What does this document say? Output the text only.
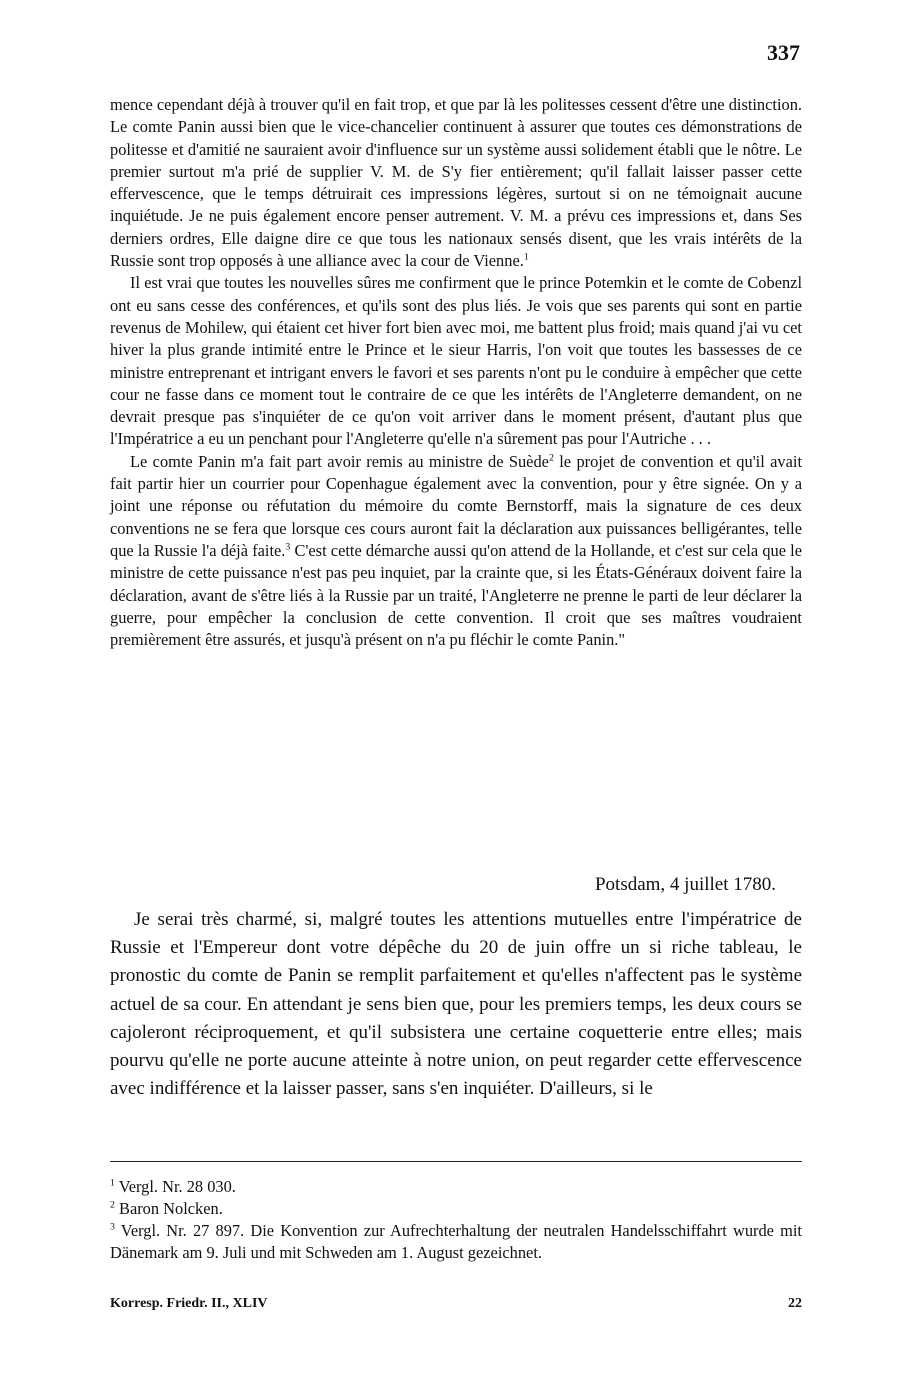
337

mence cependant déjà à trouver qu'il en fait trop, et que par là les politesses cessent d'être une distinction. Le comte Panin aussi bien que le vice-chancelier continuent à assurer que toutes ces démonstrations de politesse et d'amitié ne sauraient avoir d'influence sur un système aussi solidement établi que le nôtre. Le premier surtout m'a prié de supplier V. M. de S'y fier entièrement; qu'il fallait laisser passer cette effervescence, que le temps détruirait ces impressions légères, surtout si on ne témoignait aucune inquiétude. Je ne puis également encore penser autrement. V. M. a prévu ces impressions et, dans Ses derniers ordres, Elle daigne dire ce que tous les nationaux sensés disent, que les vrais intérêts de la Russie sont trop opposés à une alliance avec la cour de Vienne.$^1$

Il est vrai que toutes les nouvelles sûres me confirment que le prince Potemkin et le comte de Cobenzl ont eu sans cesse des conférences, et qu'ils sont des plus liés. Je vois que ses parents qui sont en partie revenus de Mohilew, qui étaient cet hiver fort bien avec moi, me battent plus froid; mais quand j'ai vu cet hiver la plus grande intimité entre le Prince et le sieur Harris, l'on voit que toutes les bassesses de ce ministre entreprenant et intrigant envers le favori et ses parents n'ont pu le conduire à empêcher que cette cour ne fasse dans ce moment tout le contraire de ce que les intérêts de l'Angleterre demandent, on ne devrait presque pas s'inquiéter de ce qu'on voit arriver dans le moment présent, d'autant plus que l'Impératrice a eu un penchant pour l'Angleterre qu'elle n'a sûrement pas pour l'Autriche . . .

Le comte Panin m'a fait part avoir remis au ministre de Suède$^2$ le projet de convention et qu'il avait fait partir hier un courrier pour Copenhague également avec la convention, pour y être signée. On y a joint une réponse ou réfutation du mémoire du comte Bernstorff, mais la signature de ces deux conventions ne se fera que lorsque ces cours auront fait la déclaration aux puissances belligérantes, telle que la Russie l'a déjà faite.$^3$ C'est cette démarche aussi qu'on attend de la Hollande, et c'est sur cela que le ministre de cette puissance n'est pas peu inquiet, par la crainte que, si les États-Généraux doivent faire la déclaration, avant de s'être liés à la Russie par un traité, l'Angleterre ne prenne le parti de leur déclarer la guerre, pour empêcher la conclusion de cette convention. Il croit que ses maîtres voudraient premièrement être assurés, et jusqu'à présent on n'a pu fléchir le comte Panin."

Potsdam, 4 juillet 1780.

Je serai très charmé, si, malgré toutes les attentions mutuelles entre l'impératrice de Russie et l'Empereur dont votre dépêche du 20 de juin offre un si riche tableau, le pronostic du comte de Panin se remplit parfaitement et qu'elles n'affectent pas le système actuel de sa cour. En attendant je sens bien que, pour les premiers temps, les deux cours se cajoleront réciproquement, et qu'il subsistera une certaine coquetterie entre elles; mais pourvu qu'elle ne porte aucune atteinte à notre union, on peut regarder cette effervescence avec indifférence et la laisser passer, sans s'en inquiéter. D'ailleurs, si le

$^1$ Vergl. Nr. 28 030.

$^2$ Baron Nolcken.

$^3$ Vergl. Nr. 27 897. Die Konvention zur Aufrechterhaltung der neutralen Handelsschiffahrt wurde mit Dänemark am 9. Juli und mit Schweden am 1. August gezeichnet.

Korresp. Friedr. II., XLIV	22
